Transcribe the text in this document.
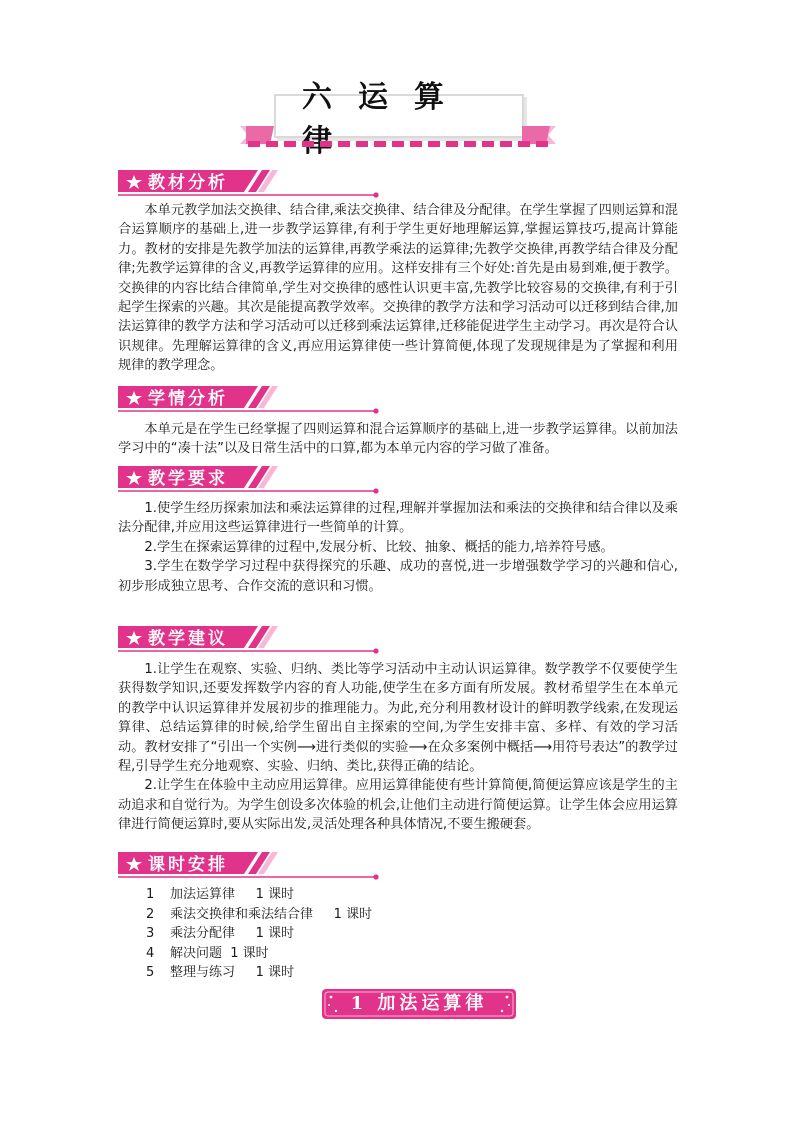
六运算
教材分析

本单元教学加法交换律、结合律,乘法交换律、结合律及分配律。在学生掌握了四则运算和混合运算顺序的基础上,进一步教学运算律,有利于学生更好地理解运算,掌握运算技巧,提高计算能力。教材的安排是先教学加法的运算律,再教学乘法的运算律;先教学交换律,再教学结合律及分配律;先教学运算律的含义,再教学运算律的应用。这样安排有三个好处:首先是由易到难,便于教学。交换律的内容比结合律简单,学生对交换律的感性认识更丰富,先教学比较容易的交换律,有利于引起学生探索的兴趣。其次是能提高教学效率。交换律的教学方法和学习活动可以迁移到结合律,加法运算律的教学方法和学习活动可以迁移到乘法运算律,迁移能促进学生主动学习。再次是符合认识规律。先理解运算律的含义,再应用运算律使一些计算简便,体现了发现规律是为了掌握和利用规律的教学理念。

学情分析

本单元是在学生已经掌握了四则运算和混合运算顺序的基础上,进一步教学运算律。以前加法学习中的“凑十法”以及日常生活中的口算,都为本单元内容的学习做了准备。

教学要求

1.使学生经历探索加法和乘法运算律的过程,理解并掌握加法和乘法的交换律和结合律以及乘法分配律,并应用这些运算律进行一些简单的计算。

2.学生在探索运算律的过程中,发展分析、比较、抽象、概括的能力,培养符号感。

3.学生在数学学习过程中获得探究的乐趣、成功的喜悦,进一步增强数学学习的兴趣和信心,初步形成独立思考、合作交流的意识和习惯。

教学建议

1.让学生在观察、实验、归纳、类比等学习活动中主动认识运算律。数学教学不仅要使学生获得数学知识,还要发挥数学内容的育人功能,使学生在多方面有所发展。教材希望学生在本单元的教学中认识运算律并发展初步的推理能力。为此,充分利用教材设计的鲜明教学线索,在发现运算律、总结运算律的时候,给学生留出自主探索的空间,为学生安排丰富、多样、有效的学习活动。教材安排了“引出一个实例⟶进行类似的实验⟶在众多案例中概括⟶用符号表达”的教学过程,引导学生充分地观察、实验、归纳、类比,获得正确的结论。

2.让学生在体验中主动应用运算律。应用运算律能使有些计算简便,简便运算应该是学生的主动追求和自觉行为。为学生创设多次体验的机会,让他们主动进行简便运算。让学生体会应用运算律进行简便运算时,要从实际出发,灵活处理各种具体情况,不要生搬硬套。

课时安排
1	加法运算律     1 课时
2	乘法交换律和乘法结合律     1 课时
3	乘法分配律     1 课时
4	解决问题  1 课时
5	整理与练习     1 课时
1 加法运算律
